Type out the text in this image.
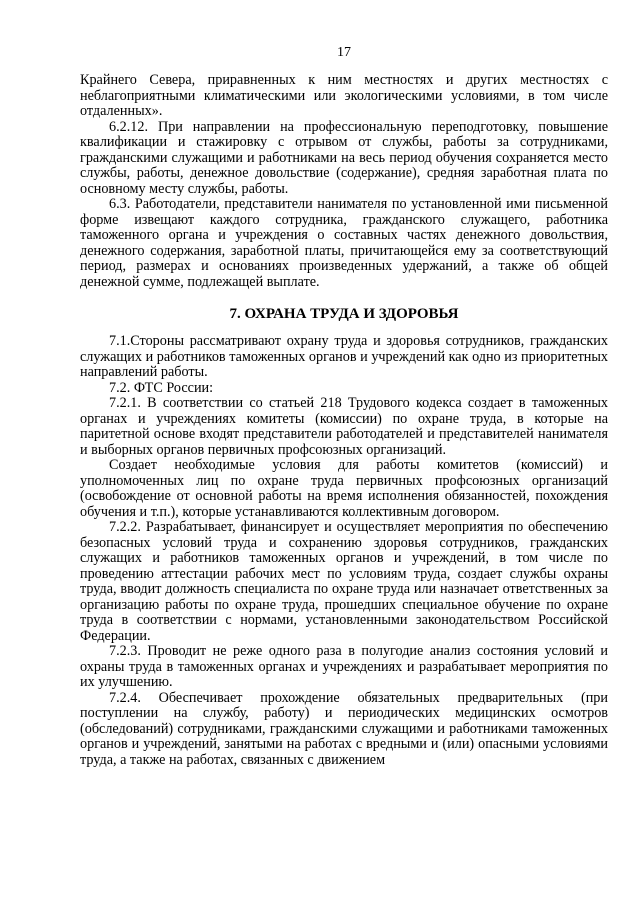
17

Крайнего Севера, приравненных к ним местностях и других местностях с неблагоприятными климатическими или экологическими условиями, в том числе отдаленных».

6.2.12. При направлении на профессиональную переподготовку, повышение квалификации и стажировку с отрывом от службы, работы за сотрудниками, гражданскими служащими и работниками на весь период обучения сохраняется место службы, работы, денежное довольствие (содержание), средняя заработная плата по основному месту службы, работы.

6.3. Работодатели, представители нанимателя по установленной ими письменной форме извещают каждого сотрудника, гражданского служащего, работника таможенного органа и учреждения о составных частях денежного довольствия, денежного содержания, заработной платы, причитающейся ему за соответствующий период, размерах и основаниях произведенных удержаний, а также об общей денежной сумме, подлежащей выплате.

7. ОХРАНА ТРУДА И ЗДОРОВЬЯ

7.1.Стороны рассматривают охрану труда и здоровья сотрудников, гражданских служащих и работников таможенных органов и учреждений как одно из приоритетных направлений работы.

7.2. ФТС России:

7.2.1. В соответствии со статьей 218 Трудового кодекса создает в таможенных органах и учреждениях комитеты (комиссии) по охране труда, в которые на паритетной основе входят представители работодателей и представителей нанимателя и выборных органов первичных профсоюзных организаций.

Создает необходимые условия для работы комитетов (комиссий) и уполномоченных лиц по охране труда первичных профсоюзных организаций (освобождение от основной работы на время исполнения обязанностей, похождения обучения и т.п.), которые устанавливаются коллективным договором.

7.2.2. Разрабатывает, финансирует и осуществляет мероприятия по обеспечению безопасных условий труда и сохранению здоровья сотрудников, гражданских служащих и работников таможенных органов и учреждений, в том числе по проведению аттестации рабочих мест по условиям труда, создает службы охраны труда, вводит должность специалиста по охране труда или назначает ответственных за организацию работы по охране труда, прошедших специальное обучение по охране труда в соответствии с нормами, установленными законодательством Российской Федерации.

7.2.3. Проводит не реже одного раза в полугодие анализ состояния условий и охраны труда в таможенных органах и учреждениях и разрабатывает мероприятия по их улучшению.

7.2.4. Обеспечивает прохождение обязательных предварительных (при поступлении на службу, работу) и периодических медицинских осмотров (обследований) сотрудниками, гражданскими служащими и работниками таможенных органов и учреждений, занятыми на работах с вредными и (или) опасными условиями труда, а также на работах, связанных с движением
